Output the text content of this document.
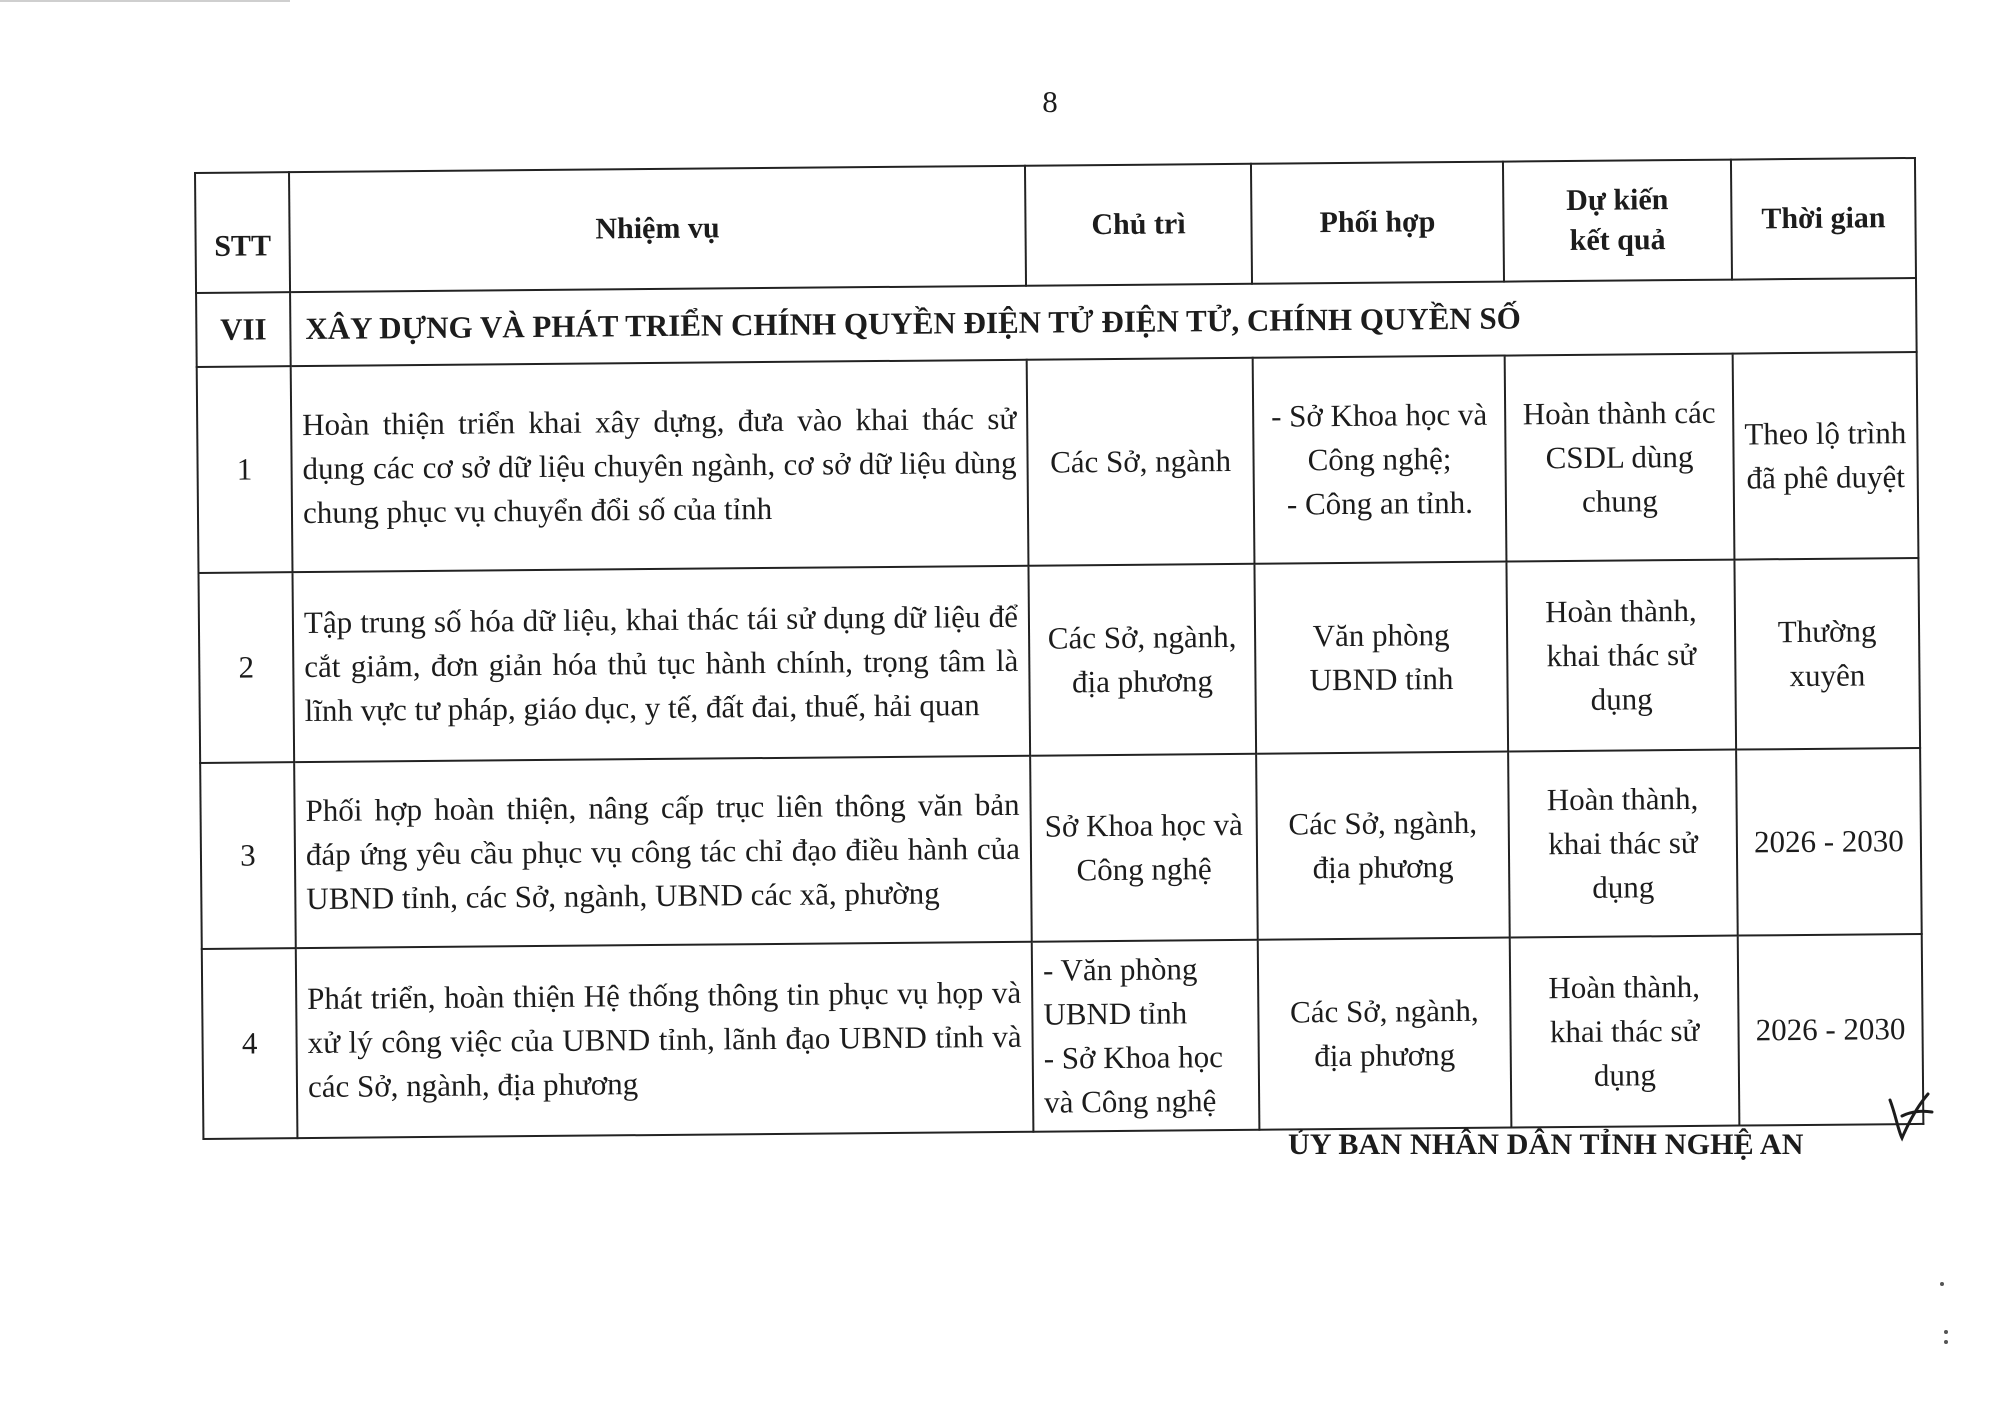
8
STT	Nhiệm vụ	Chủ trì	Phối hợp	Dự kiến
kết quả	Thời gian
VII	XÂY DỰNG VÀ PHÁT TRIỂN CHÍNH QUYỀN ĐIỆN TỬ ĐIỆN TỬ, CHÍNH QUYỀN SỐ				
1	Hoàn thiện triển khai xây dựng, đưa vào khai thác sử dụng các cơ sở dữ liệu chuyên ngành, cơ sở dữ liệu dùng chung phục vụ chuyển đổi số của tỉnh	Các Sở, ngành	- Sở Khoa học và Công nghệ;
- Công an tỉnh.	Hoàn thành các CSDL dùng chung	Theo lộ trình đã phê duyệt
2	Tập trung số hóa dữ liệu, khai thác tái sử dụng dữ liệu để cắt giảm, đơn giản hóa thủ tục hành chính, trọng tâm là lĩnh vực tư pháp, giáo dục, y tế, đất đai, thuế, hải quan	Các Sở, ngành, địa phương	Văn phòng UBND tỉnh	Hoàn thành, khai thác sử dụng	Thường xuyên
3	Phối hợp hoàn thiện, nâng cấp trục liên thông văn bản đáp ứng yêu cầu phục vụ công tác chỉ đạo điều hành của UBND tỉnh, các Sở, ngành, UBND các xã, phường	Sở Khoa học và Công nghệ	Các Sở, ngành, địa phương	Hoàn thành, khai thác sử dụng	2026 - 2030
4	Phát triển, hoàn thiện Hệ thống thông tin phục vụ họp và xử lý công việc của UBND tỉnh, lãnh đạo UBND tỉnh và các Sở, ngành, địa phương	- Văn phòng UBND tỉnh
- Sở Khoa học và Công nghệ	Các Sở, ngành, địa phương	Hoàn thành, khai thác sử dụng	2026 - 2030
ỦY BAN NHÂN DÂN TỈNH NGHỆ AN
